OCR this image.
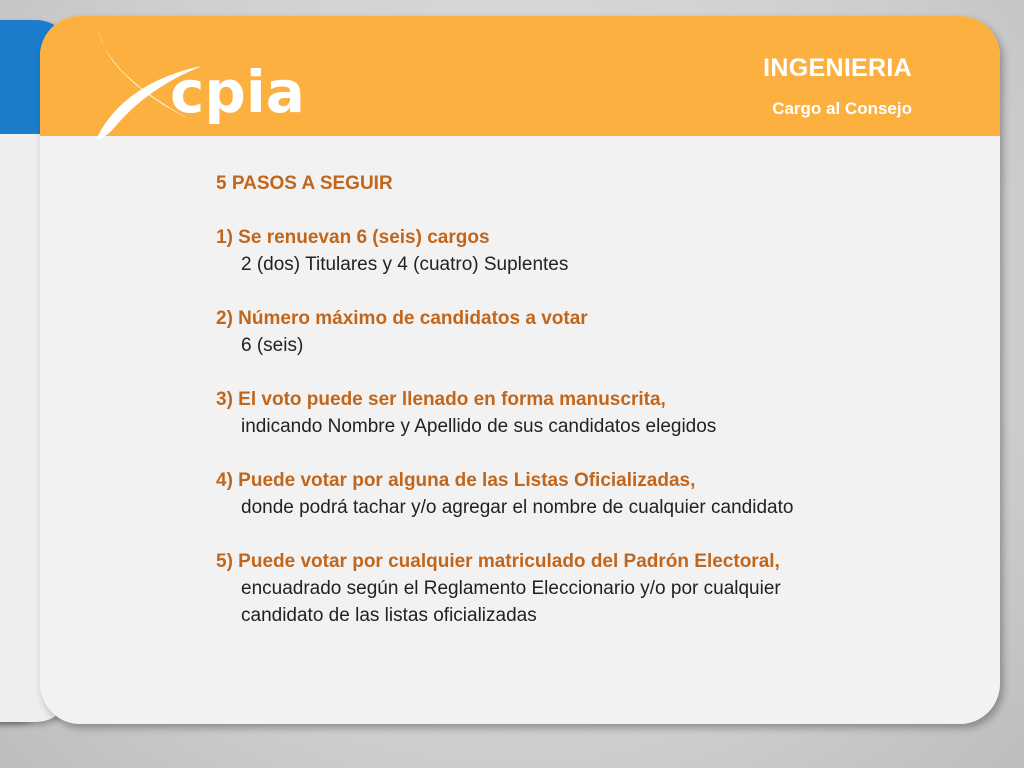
cpia	INGENIERIA
Cargo al Consejo
5 PASOS A SEGUIR
1) Se renuevan 6 (seis) cargos
2 (dos) Titulares y 4 (cuatro) Suplentes
2) Número máximo de candidatos a votar
6 (seis)
3) El voto puede ser llenado en forma manuscrita,
indicando Nombre y Apellido de sus candidatos elegidos
4) Puede votar por alguna de las Listas Oficializadas,
donde podrá tachar y/o agregar el nombre de cualquier candidato
5) Puede votar por cualquier matriculado del Padrón Electoral,
encuadrado según el Reglamento Eleccionario y/o por cualquier
candidato de las listas oficializadas
